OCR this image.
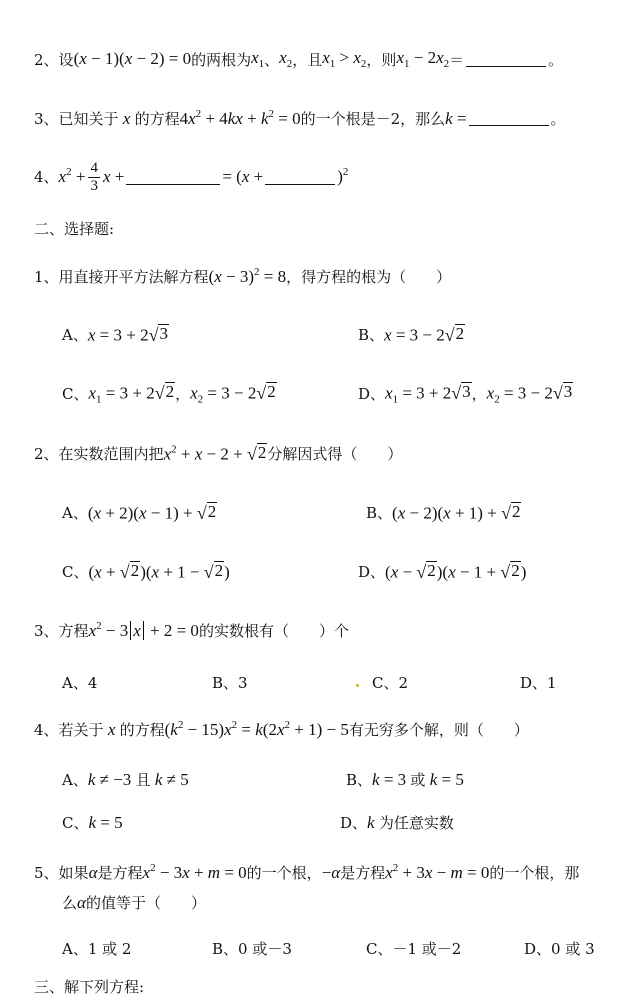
2、 设 (x − 1)(x − 2) = 0 的两根为 $x_1$ 、 $x_2$ ，且 $x_1 > x_2$ ，则 $x_1 - 2x_2$ ＝	。
3、 已知关于 x 的方程 $4x^2 + 4kx + k^2 = 0$ 的一个根是－2，那么 k =	。
4、 $x^2 + \frac{4}{3}$ x +	= (x +	)$^2$
二、选择题:
1、 用直接开平方法解方程 $(x - 3)^2 = 8$ ，得方程的根为（　　）
A、 x = 3 + 2 √ 3	B、 x = 3 − 2 √ 2
C、 $x_1 = 3 + 2$ √ 2 ， $x_2 = 3 - 2$ √ 2	D、 $x_1 = 3 + 2$ √ 3 ， $x_2 = 3 - 2$ √ 3
2、 在实数范围内把 $x^2 + x - 2$ + √ 2 分解因式得（　　）
A、 (x + 2)(x − 1) + √ 2	B、 (x − 2)(x + 1) + √ 2
C、 (x + √ 2 )(x + 1 − √ 2 )	D、 (x − √ 2 )(x − 1 + √ 2 )
3、 方程 $x^2 - 3$ x + 2 = 0 的实数根有（　　）个
A、4	B、3	C、2	D、1
4、 若关于 x 的方程 $(k^2 - 15)x^2 = k(2x^2 + 1) - 5$ 有无穷多个解，则（　　）
A、 k ≠ −3 且 k ≠ 5	B、 k = 3 或 k = 5
C、 k = 5	D、 k 为任意实数
5、 如果 α 是方程 $x^2 - 3x + m = 0$ 的一个根， −α 是方程 $x^2 + 3x - m = 0$ 的一个根，那
么 α 的值等于（　　）
A、1 或 2	B、0 或－3	C、－1 或－2	D、0 或 3
三、解下列方程:
